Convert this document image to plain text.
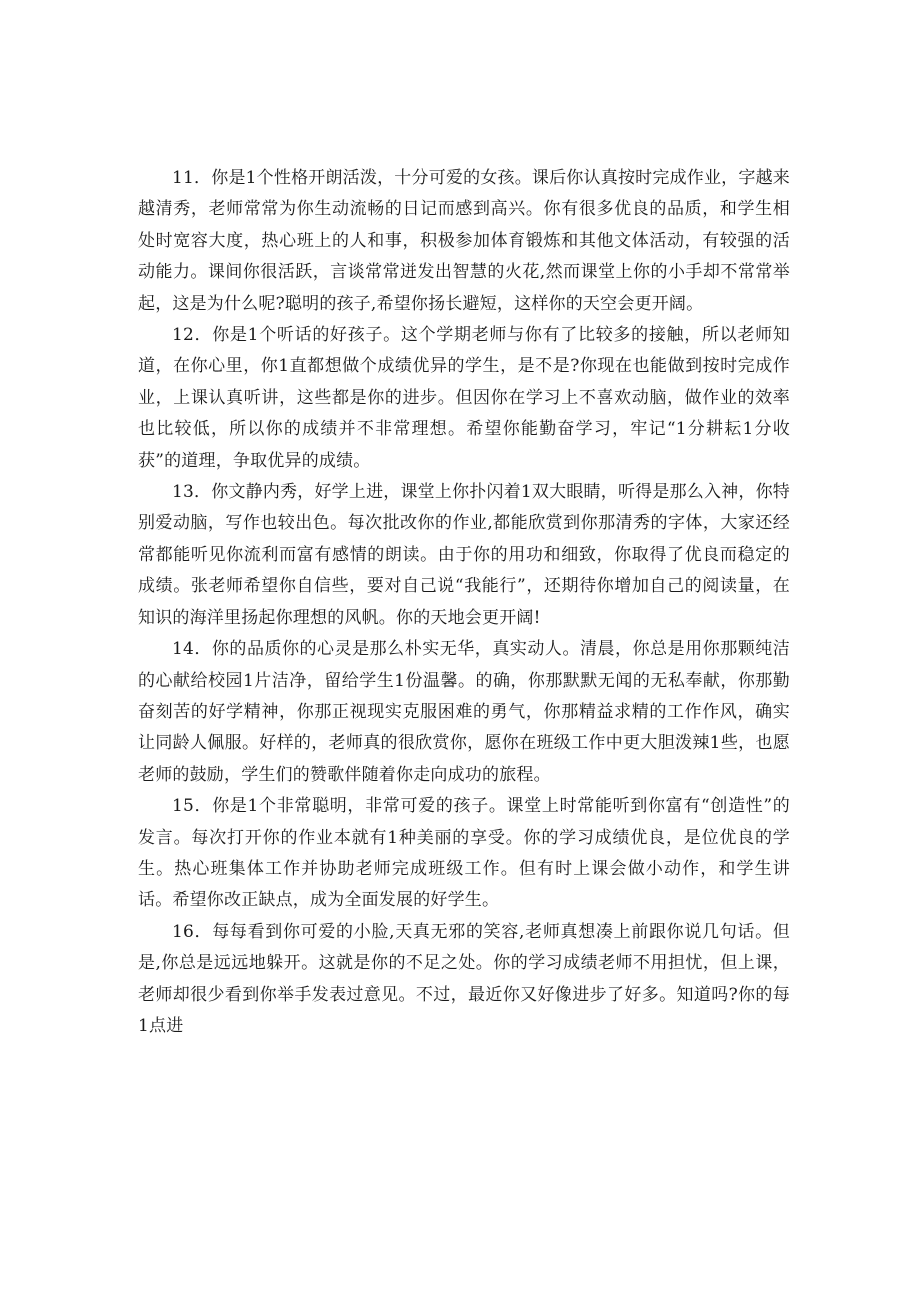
11．你是1个性格开朗活泼，十分可爱的女孩。课后你认真按时完成作业，字越来越清秀，老师常常为你生动流畅的日记而感到高兴。你有很多优良的品质，和学生相处时宽容大度，热心班上的人和事，积极参加体育锻炼和其他文体活动，有较强的活动能力。课间你很活跃，言谈常常迸发出智慧的火花,然而课堂上你的小手却不常常举起，这是为什么呢?聪明的孩子,希望你扬长避短，这样你的天空会更开阔。

12．你是1个听话的好孩子。这个学期老师与你有了比较多的接触，所以老师知道，在你心里，你1直都想做个成绩优异的学生，是不是?你现在也能做到按时完成作业，上课认真听讲，这些都是你的进步。但因你在学习上不喜欢动脑，做作业的效率也比较低，所以你的成绩并不非常理想。希望你能勤奋学习，牢记“1分耕耘1分收获”的道理，争取优异的成绩。

13．你文静内秀，好学上进，课堂上你扑闪着1双大眼睛，听得是那么入神，你特别爱动脑，写作也较出色。每次批改你的作业,都能欣赏到你那清秀的字体，大家还经常都能听见你流利而富有感情的朗读。由于你的用功和细致，你取得了优良而稳定的成绩。张老师希望你自信些，要对自己说“我能行”，还期待你增加自己的阅读量，在知识的海洋里扬起你理想的风帆。你的天地会更开阔!

14．你的品质你的心灵是那么朴实无华，真实动人。清晨，你总是用你那颗纯洁的心献给校园1片洁净，留给学生1份温馨。的确，你那默默无闻的无私奉献，你那勤奋刻苦的好学精神，你那正视现实克服困难的勇气，你那精益求精的工作作风，确实让同龄人佩服。好样的，老师真的很欣赏你，愿你在班级工作中更大胆泼辣1些，也愿老师的鼓励，学生们的赞歌伴随着你走向成功的旅程。

15．你是1个非常聪明，非常可爱的孩子。课堂上时常能听到你富有“创造性”的发言。每次打开你的作业本就有1种美丽的享受。你的学习成绩优良，是位优良的学生。热心班集体工作并协助老师完成班级工作。但有时上课会做小动作，和学生讲话。希望你改正缺点，成为全面发展的好学生。

16．每每看到你可爱的小脸,天真无邪的笑容,老师真想凑上前跟你说几句话。但是,你总是远远地躲开。这就是你的不足之处。你的学习成绩老师不用担忧，但上课，老师却很少看到你举手发表过意见。不过，最近你又好像进步了好多。知道吗?你的每1点进
